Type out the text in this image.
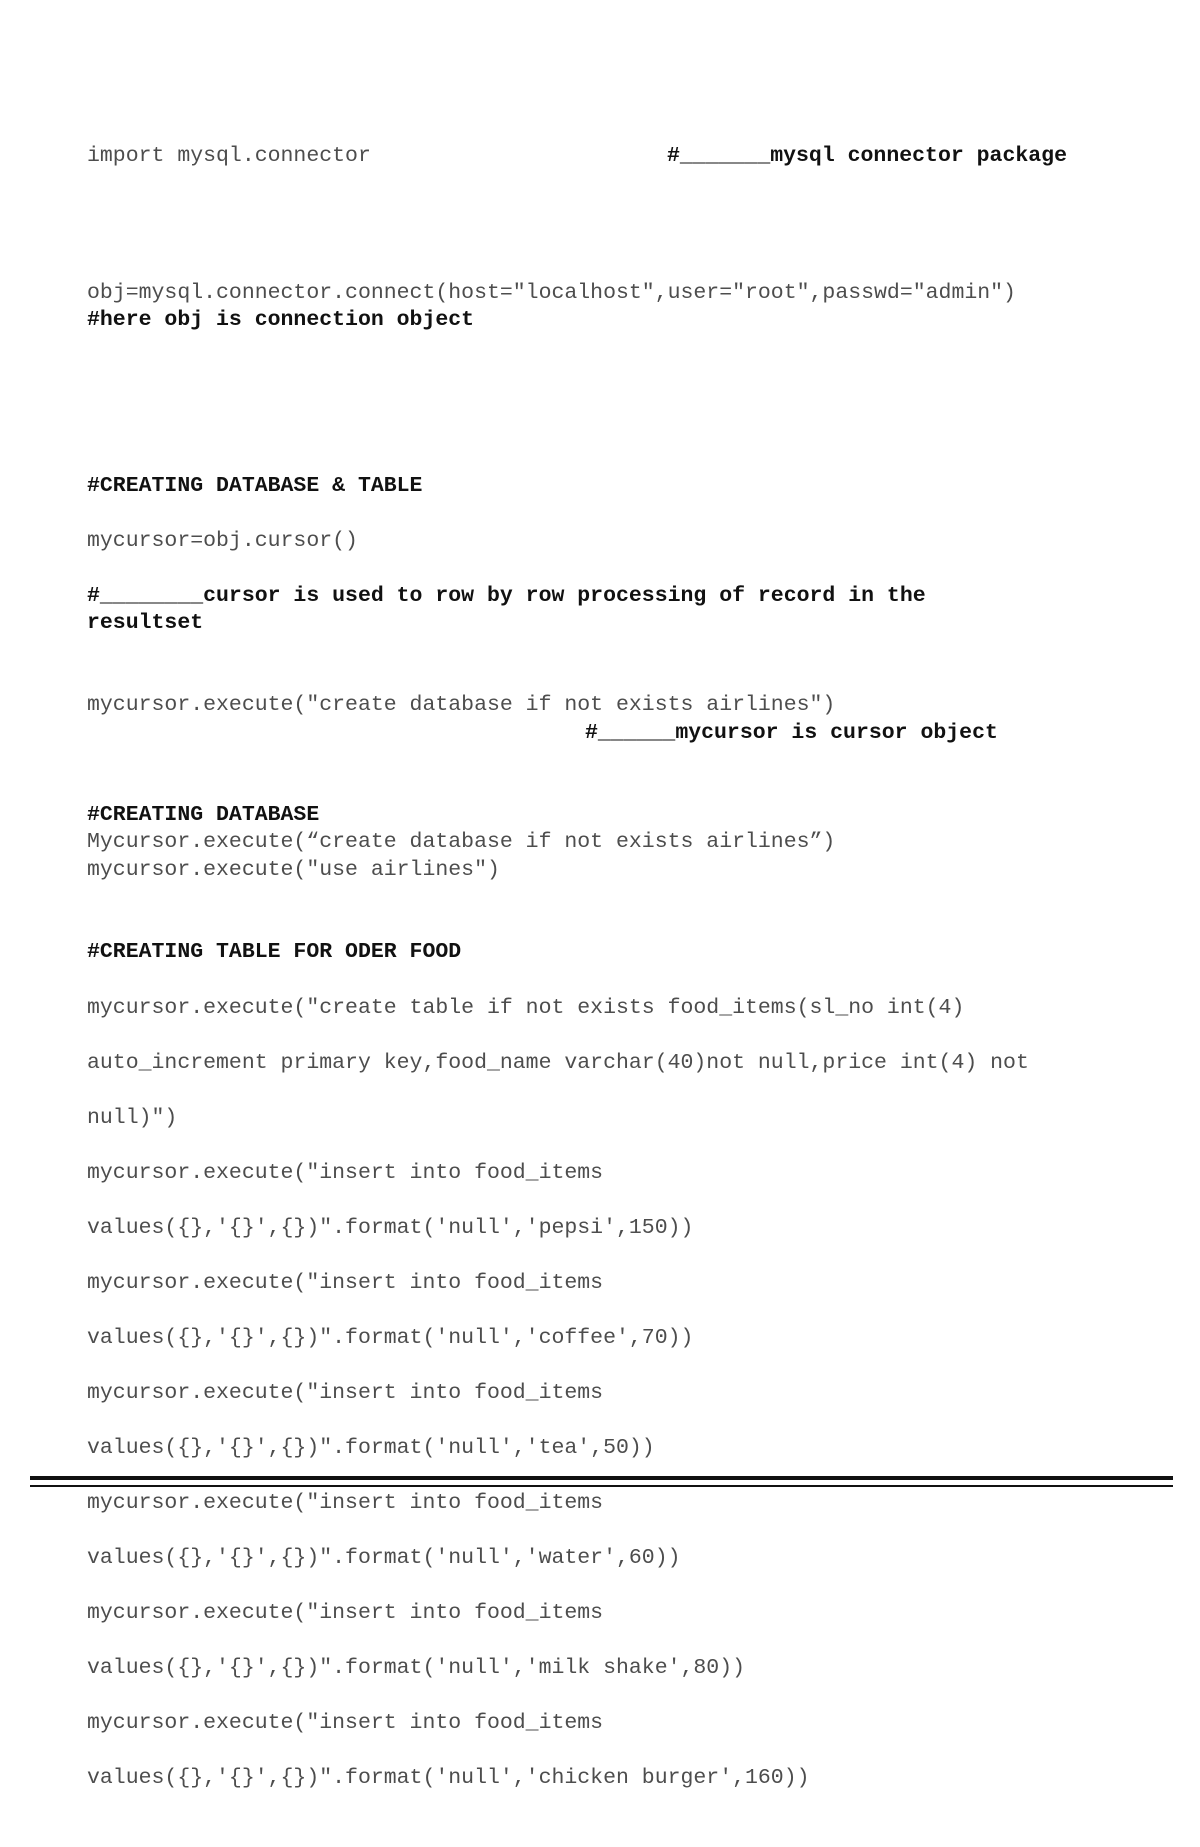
import mysql.connector	#_______mysql connector package
obj=mysql.connector.connect(host="localhost",user="root",passwd="admin")
#here obj is connection object
#CREATING DATABASE & TABLE
mycursor=obj.cursor()
#________cursor is used to row by row processing of record in the
resultset
mycursor.execute("create database if not exists airlines")
#______mycursor is cursor object
#CREATING DATABASE
Mycursor.execute(“create database if not exists airlines”)
mycursor.execute("use airlines")
#CREATING TABLE FOR ODER FOOD

mycursor.execute("create table if not exists food_items(sl_no int(4)

auto_increment primary key,food_name varchar(40)not null,price int(4) not

null)")

mycursor.execute("insert into food_items

values({},'{}',{})".format('null','pepsi',150))

mycursor.execute("insert into food_items

values({},'{}',{})".format('null','coffee',70))

mycursor.execute("insert into food_items

values({},'{}',{})".format('null','tea',50))

mycursor.execute("insert into food_items

values({},'{}',{})".format('null','water',60))

mycursor.execute("insert into food_items

values({},'{}',{})".format('null','milk shake',80))

mycursor.execute("insert into food_items

values({},'{}',{})".format('null','chicken burger',160))
